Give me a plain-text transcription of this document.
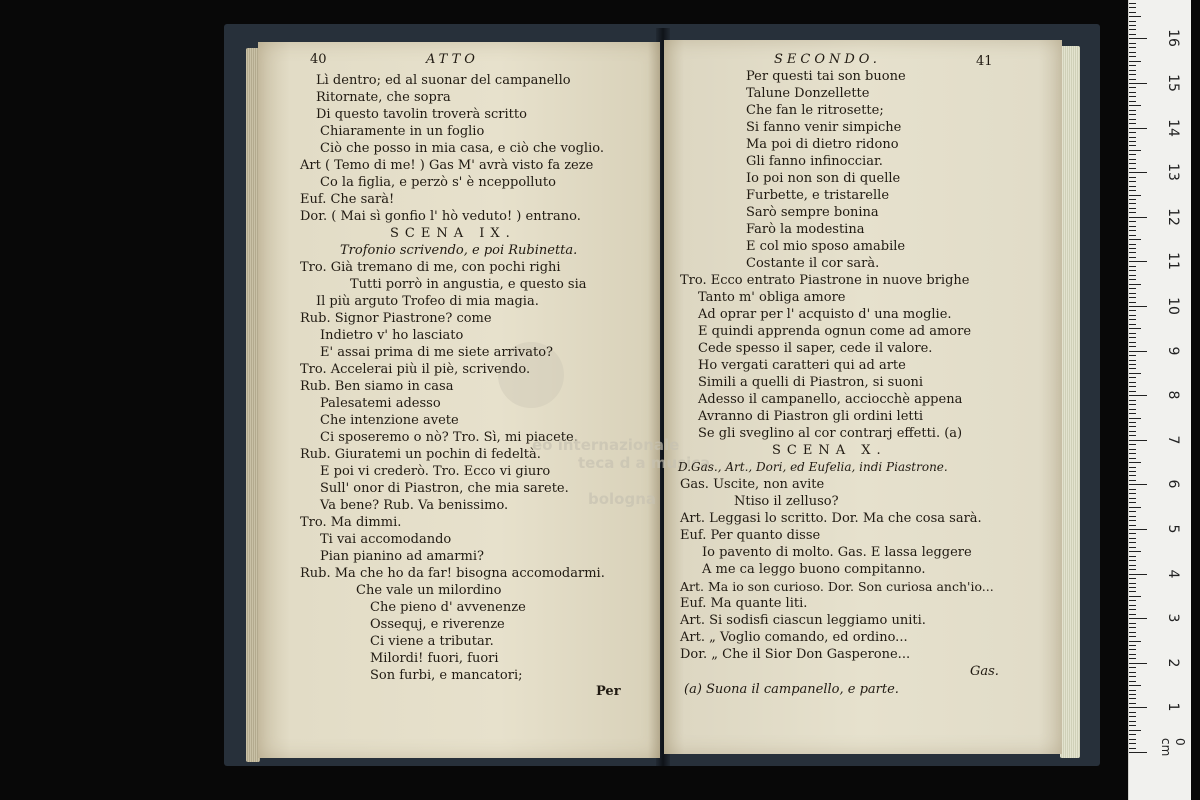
40	ATTO
Lì dentro; ed al suonar del campanello
Ritornate, che sopra
Di questo tavolin troverà scritto
Chiaramente in un foglio
Ciò che posso in mia casa, e ciò che voglio.
Art ( Temo di me! ) Gas M' avrà visto fa zeze
Co la figlia, e perzò s' è nceppolluto
Euf. Che sarà!
Dor. ( Mai sì gonfio l' hò veduto! ) entrano.
SCENA IX.
Trofonio scrivendo, e poi Rubinetta.
Tro. Già tremano di me, con pochi righi
Tutti porrò in angustia, e questo sia
Il più arguto Trofeo di mia magia.
Rub. Signor Piastrone? come
Indietro v' ho lasciato
E' assai prima di me siete arrivato?
Tro. Accelerai più il piè, scrivendo.
Rub. Ben siamo in casa
Palesatemi adesso
Che intenzione avete
Ci sposeremo o nò? Tro. Sì, mi piacete.
Rub. Giuratemi un pochin di fedeltà.
E poi vi crederò. Tro. Ecco vi giuro
Sull' onor di Piastron, che mia sarete.
Va bene? Rub. Va benissimo.
Tro. Ma dimmi.
Ti vai accomodando
Pian pianino ad amarmi?
Rub. Ma che ho da far! bisogna accomodarmi.
Che vale un milordino
Che pieno d' avvenenze
Ossequj, e riverenze
Ci viene a tributar.
Milordi! fuori, fuori
Son furbi, e mancatori;
Per
SECONDO.	41
eo internazionale
teca d a musica
bologna
Per questi tai son buone
Talune Donzellette
Che fan le ritrosette;
Si fanno venir simpiche
Ma poi di dietro ridono
Gli fanno infinocciar.
Io poi non son di quelle
Furbette, e tristarelle
Sarò sempre bonina
Farò la modestina
E col mio sposo amabile
Costante il cor sarà.
Tro. Ecco entrato Piastrone in nuove brighe
Tanto m' obliga amore
Ad oprar per l' acquisto d' una moglie.
E quindi apprenda ognun come ad amore
Cede spesso il saper, cede il valore.
Ho vergati caratteri qui ad arte
Simili a quelli di Piastron, si suoni
Adesso il campanello, acciocchè appena
Avranno di Piastron gli ordini letti
Se gli sveglino al cor contrarj effetti. (a)
SCENA X.
D.Gas., Art., Dori, ed Eufelia, indi Piastrone.
Gas. Uscite, non avite
Ntiso il zelluso?
Art. Leggasi lo scritto. Dor. Ma che cosa sarà.
Euf. Per quanto disse
Io pavento di molto. Gas. E lassa leggere
A me ca leggo buono compitanno.
Art. Ma io son curioso. Dor. Son curiosa anch'io...
Euf. Ma quante liti.
Art. Si sodisfi ciascun leggiamo uniti.
Art. „ Voglio comando, ed ordino...
Dor. „ Che il Sior Don Gasperone...
Gas.
(a) Suona il campanello, e parte.
1
2
3
4
5
6
7
8
9
10
11
12
13
14
15
16
0 cm
